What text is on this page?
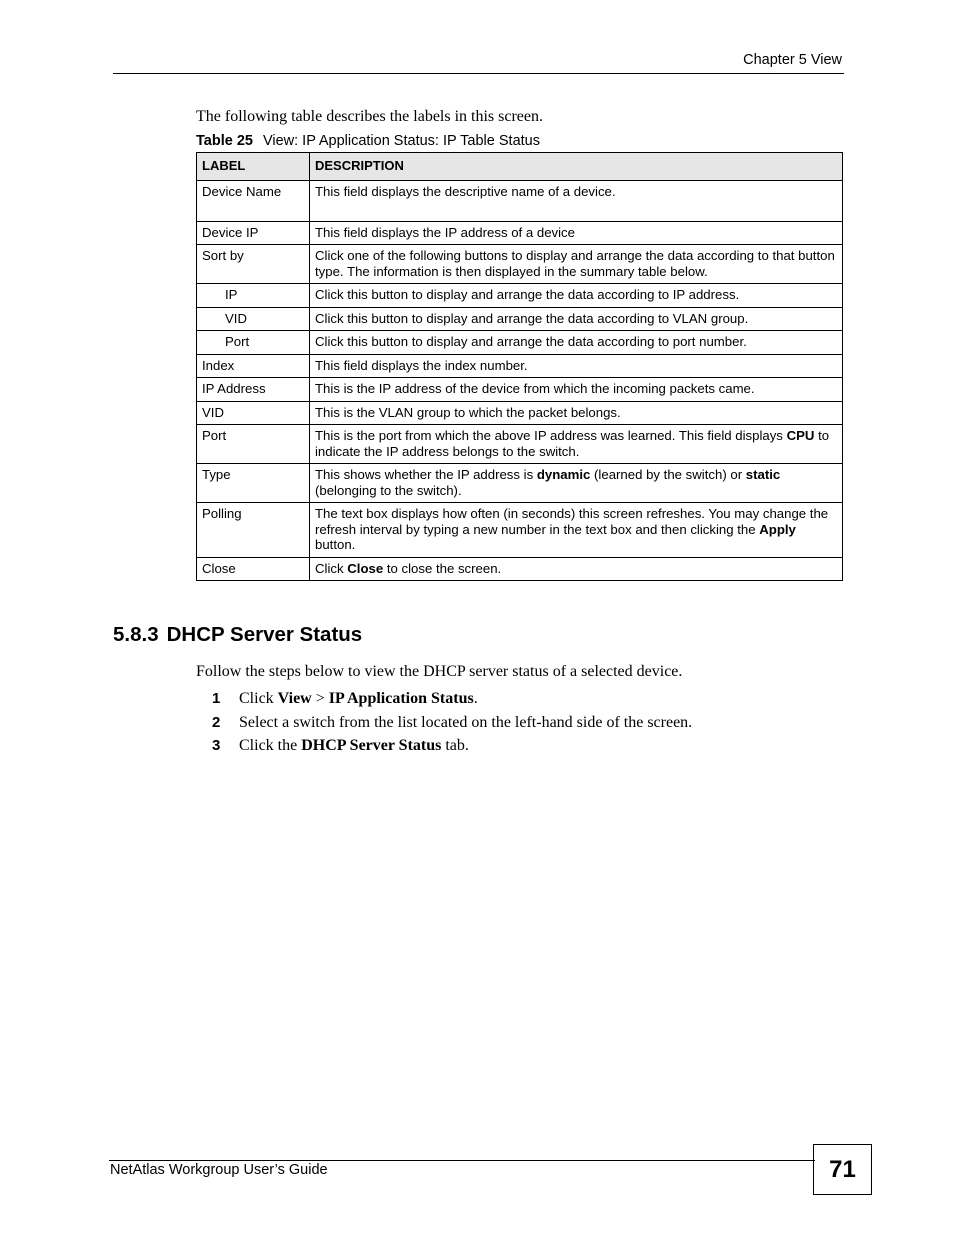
Chapter 5 View
The following table describes the labels in this screen.
Table 25 View: IP Application Status: IP Table Status
LABEL	DESCRIPTION
Device Name	This field displays the descriptive name of a device.
Device IP	This field displays the IP address of a device
Sort by	Click one of the following buttons to display and arrange the data according to that button type. The information is then displayed in the summary table below.
IP	Click this button to display and arrange the data according to IP address.
VID	Click this button to display and arrange the data according to VLAN group.
Port	Click this button to display and arrange the data according to port number.
Index	This field displays the index number.
IP Address	This is the IP address of the device from which the incoming packets came.
VID	This is the VLAN group to which the packet belongs.
Port	This is the port from which the above IP address was learned. This field displays CPU to indicate the IP address belongs to the switch.
Type	This shows whether the IP address is dynamic (learned by the switch) or static (belonging to the switch).
Polling	The text box displays how often (in seconds) this screen refreshes. You may change the refresh interval by typing a new number in the text box and then clicking the Apply button.
Close	Click Close to close the screen.
5.8.3 DHCP Server Status
Follow the steps below to view the DHCP server status of a selected device.
1 Click View > IP Application Status.
2 Select a switch from the list located on the left-hand side of the screen.
3 Click the DHCP Server Status tab.
NetAtlas Workgroup User’s Guide	71
